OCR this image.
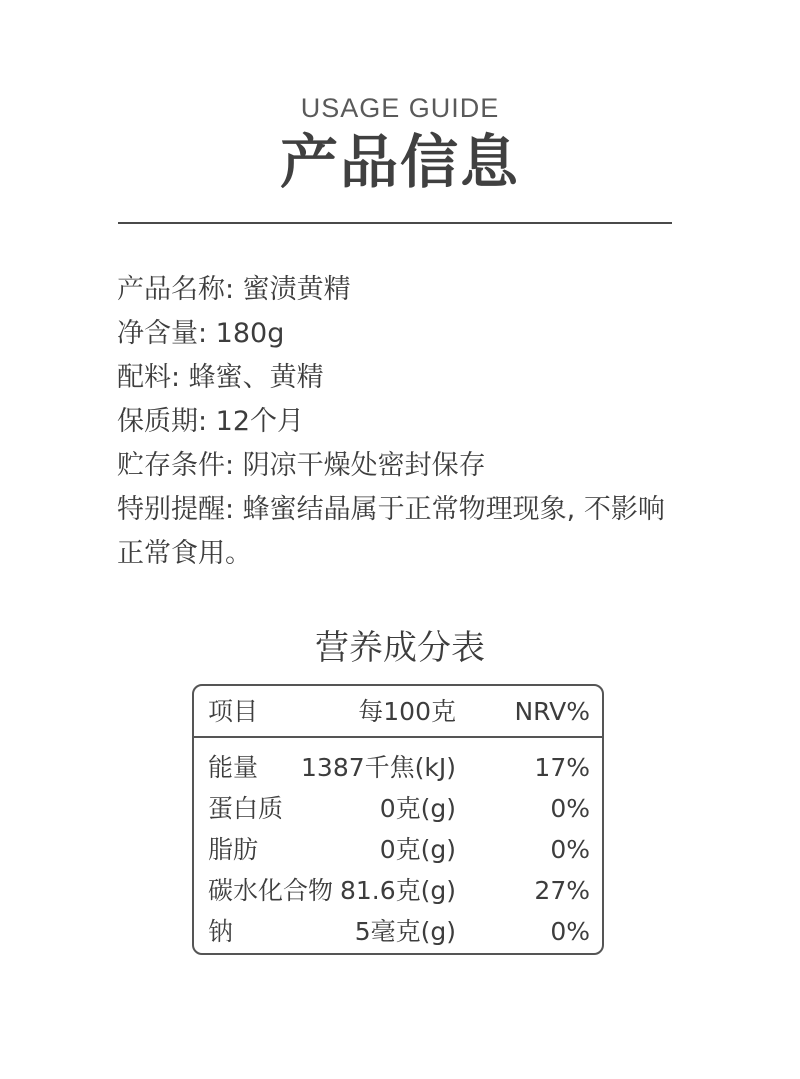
USAGE GUIDE
产品信息

产品名称: 蜜渍黄精

净含量: 180g

配料: 蜂蜜、黄精

保质期: 12个月

贮存条件: 阴凉干燥处密封保存

特别提醒: 蜂蜜结晶属于正常物理现象, 不影响

正常食用。

营养成分表
项目	每100克 NRV%
能量 1387千焦(kJ)	17%
蛋白质	0克(g)	0%
脂肪	0克(g)	0%
碳水化合物 81.6克(g)	27%
钠	5毫克(g)	0%
